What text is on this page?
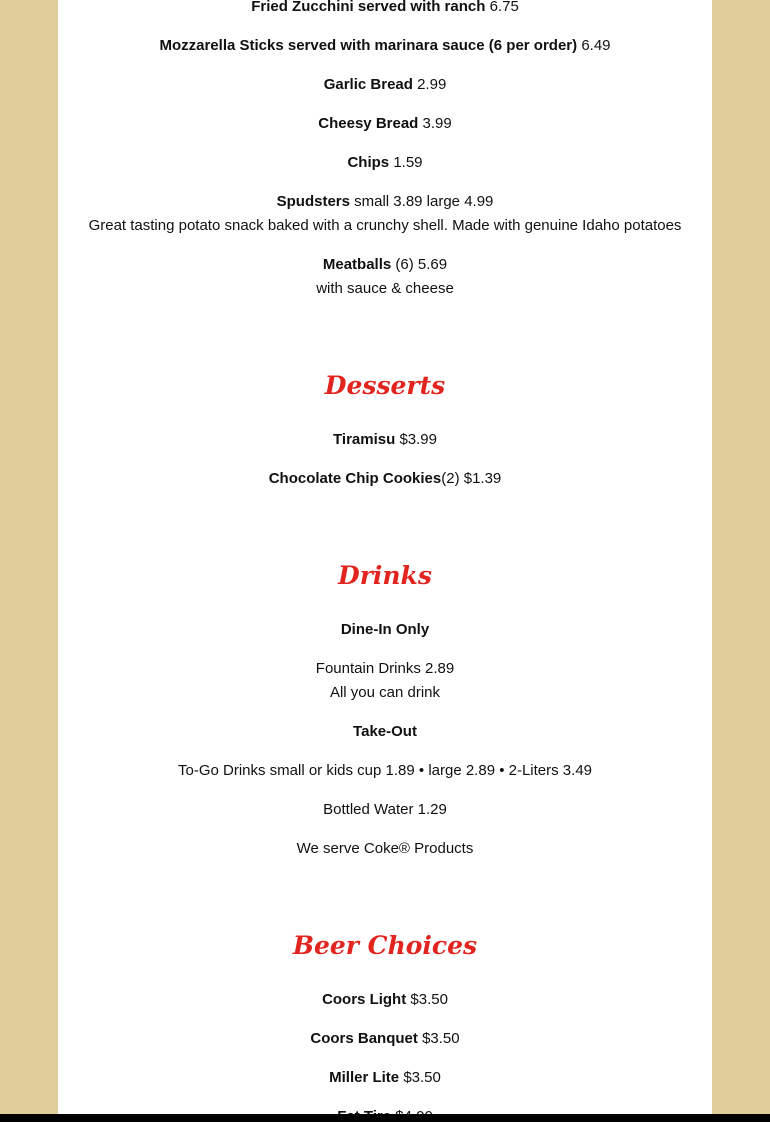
Fried Zucchini served with ranch 6.75
Mozzarella Sticks served with marinara sauce (6 per order) 6.49
Garlic Bread 2.99
Cheesy Bread 3.99
Chips 1.59
Spudsters small 3.89 large 4.99
Great tasting potato snack baked with a crunchy shell. Made with genuine Idaho potatoes
Meatballs (6) 5.69
with sauce & cheese
Desserts
Tiramisu $3.99
Chocolate Chip Cookies(2) $1.39
Drinks
Dine-In Only
Fountain Drinks 2.89
All you can drink
Take-Out
To-Go Drinks small or kids cup 1.89 • large 2.89 • 2-Liters 3.49
Bottled Water 1.29
We serve Coke® Products
Beer Choices
Coors Light $3.50
Coors Banquet $3.50
Miller Lite $3.50
